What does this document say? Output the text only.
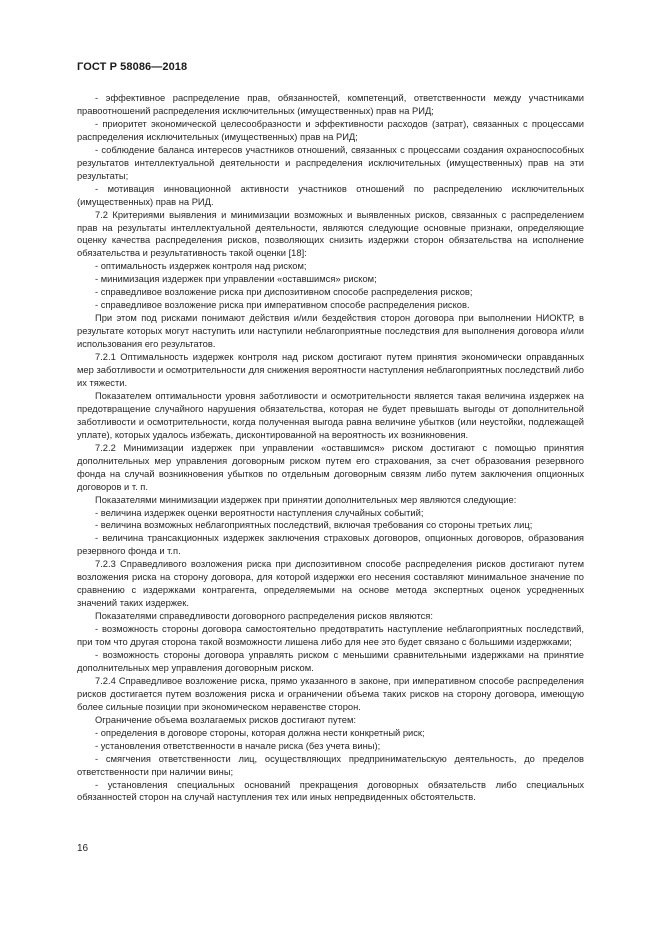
ГОСТ Р 58086—2018

- эффективное распределение прав, обязанностей, компетенций, ответственности между участниками правоотношений распределения исключительных (имущественных) прав на РИД;

- приоритет экономической целесообразности и эффективности расходов (затрат), связанных с процессами распределения исключительных (имущественных) прав на РИД;

- соблюдение баланса интересов участников отношений, связанных с процессами создания охраноспособных результатов интеллектуальной деятельности и распределения исключительных (имущественных) прав на эти результаты;

- мотивация инновационной активности участников отношений по распределению исключительных (имущественных) прав на РИД.

7.2 Критериями выявления и минимизации возможных и выявленных рисков, связанных с распределением прав на результаты интеллектуальной деятельности, являются следующие основные признаки, определяющие оценку качества распределения рисков, позволяющих снизить издержки сторон обязательства на исполнение обязательства и результативность такой оценки [18]:

- оптимальность издержек контроля над риском;

- минимизация издержек при управлении «оставшимся» риском;

- справедливое возложение риска при диспозитивном способе распределения рисков;

- справедливое возложение риска при императивном способе распределения рисков.

При этом под рисками понимают действия и/или бездействия сторон договора при выполнении НИОКТР, в результате которых могут наступить или наступили неблагоприятные последствия для выполнения договора и/или использования его результатов.

7.2.1 Оптимальность издержек контроля над риском достигают путем принятия экономически оправданных мер заботливости и осмотрительности для снижения вероятности наступления неблагоприятных последствий либо их тяжести.

Показателем оптимальности уровня заботливости и осмотрительности является такая величина издержек на предотвращение случайного нарушения обязательства, которая не будет превышать выгоды от дополнительной заботливости и осмотрительности, когда полученная выгода равна величине убытков (или неустойки, подлежащей уплате), которых удалось избежать, дисконтированной на вероятность их возникновения.

7.2.2 Минимизации издержек при управлении «оставшимся» риском достигают с помощью принятия дополнительных мер управления договорным риском путем его страхования, за счет образования резервного фонда на случай возникновения убытков по отдельным договорным связям либо путем заключения опционных договоров и т. п.

Показателями минимизации издержек при принятии дополнительных мер являются следующие:

- величина издержек оценки вероятности наступления случайных событий;

- величина возможных неблагоприятных последствий, включая требования со стороны третьих лиц;

- величина трансакционных издержек заключения страховых договоров, опционных договоров, образования резервного фонда и т.п.

7.2.3 Справедливого возложения риска при диспозитивном способе распределения рисков достигают путем возложения риска на сторону договора, для которой издержки его несения составляют минимальное значение по сравнению с издержками контрагента, определяемыми на основе метода экспертных оценок усредненных значений таких издержек.

Показателями справедливости договорного распределения рисков являются:

- возможность стороны договора самостоятельно предотвратить наступление неблагоприятных последствий, при том что другая сторона такой возможности лишена либо для нее это будет связано с большими издержками;

- возможность стороны договора управлять риском с меньшими сравнительными издержками на принятие дополнительных мер управления договорным риском.

7.2.4 Справедливое возложение риска, прямо указанного в законе, при императивном способе распределения рисков достигается путем возложения риска и ограничении объема таких рисков на сторону договора, имеющую более сильные позиции при экономическом неравенстве сторон.

Ограничение объема возлагаемых рисков достигают путем:

- определения в договоре стороны, которая должна нести конкретный риск;

- установления ответственности в начале риска (без учета вины);

- смягчения ответственности лиц, осуществляющих предпринимательскую деятельность, до пределов ответственности при наличии вины;

- установления специальных оснований прекращения договорных обязательств либо специальных обязанностей сторон на случай наступления тех или иных непредвиденных обстоятельств.

16
